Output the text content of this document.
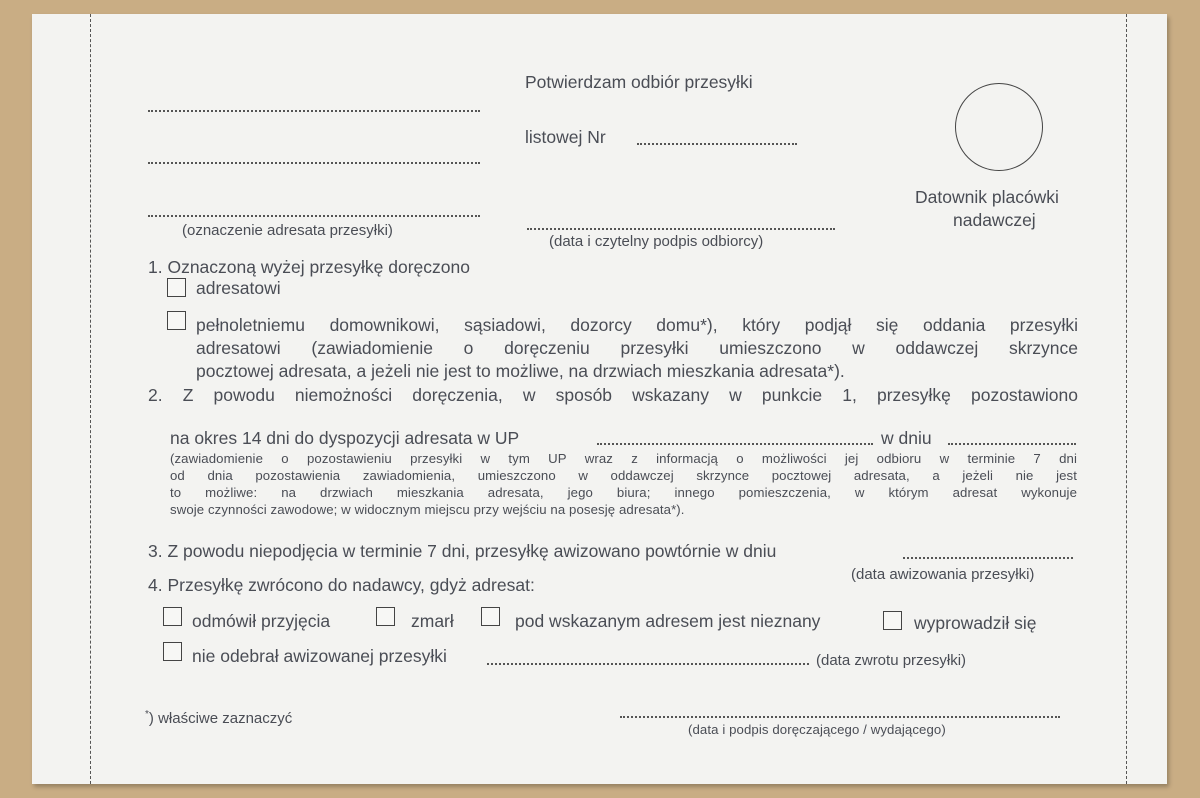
Potwierdzam odbiór przesyłki
listowej Nr
(oznaczenie adresata przesyłki)
(data i czytelny podpis odbiorcy)
Datownik placówki
nadawczej
1. Oznaczoną wyżej przesyłkę doręczono
adresatowi
pełnoletniemu domownikowi, sąsiadowi, dozorcy domu*), który podjął się oddania przesyłki
adresatowi (zawiadomienie o doręczeniu przesyłki umieszczono w oddawczej skrzynce
pocztowej adresata, a jeżeli nie jest to możliwe, na drzwiach mieszkania adresata*).
2. Z powodu niemożności doręczenia, w sposób wskazany w punkcie 1, przesyłkę pozostawiono
na okres 14 dni do dyspozycji adresata w UP	w dniu
(zawiadomienie o pozostawieniu przesyłki w tym UP wraz z informacją o możliwości jej odbioru w terminie 7 dni
od dnia pozostawienia zawiadomienia, umieszczono w oddawczej skrzynce pocztowej adresata, a jeżeli nie jest
to możliwe: na drzwiach mieszkania adresata, jego biura; innego pomieszczenia, w którym adresat wykonuje
swoje czynności zawodowe; w widocznym miejscu przy wejściu na posesję adresata*).
3. Z powodu niepodjęcia w terminie 7 dni, przesyłkę awizowano powtórnie w dniu
(data awizowania przesyłki)
4. Przesyłkę zwrócono do nadawcy, gdyż adresat:
odmówił przyjęcia	zmarł	pod wskazanym adresem jest nieznany	wyprowadził się
nie odebrał awizowanej przesyłki	(data zwrotu przesyłki)
*) właściwe zaznaczyć
(data i podpis doręczającego / wydającego)
